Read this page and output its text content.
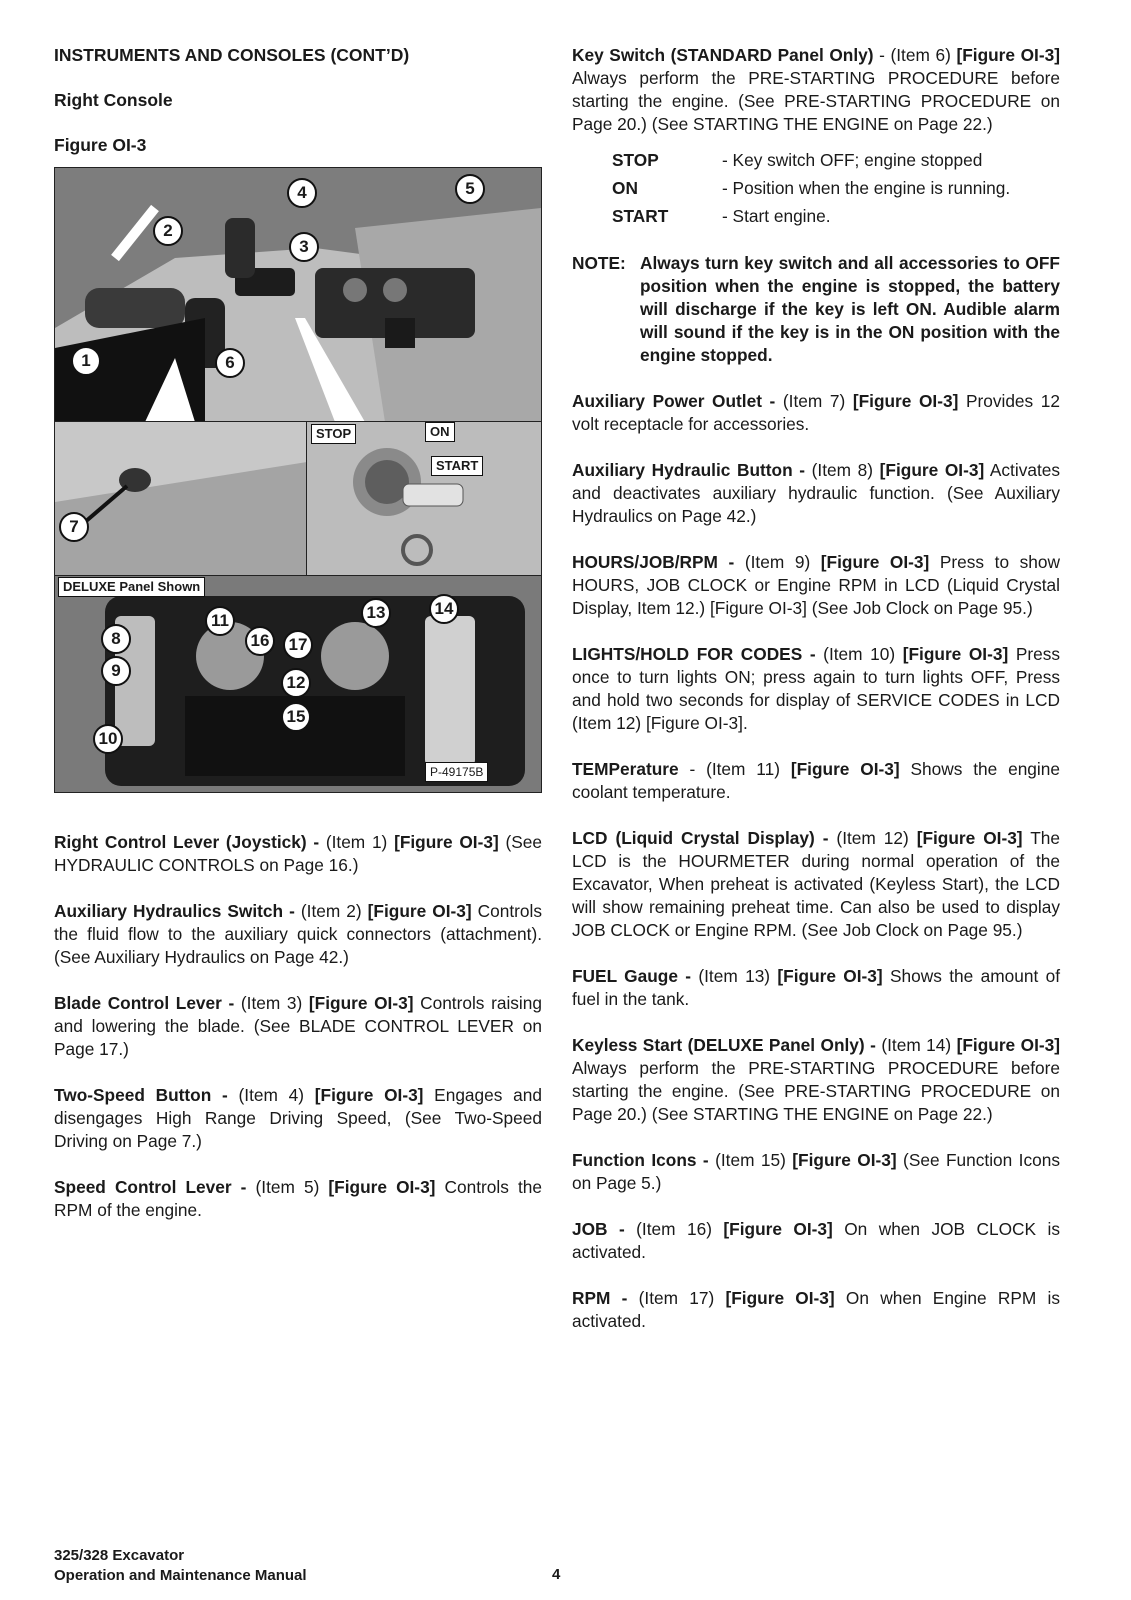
INSTRUMENTS AND CONSOLES (CONT’D)
Right Console
Figure OI-3
1
2
3
4	5
6
7
STOP	ON
START
DELUXE Panel Shown
8
9
10
11
12
13	14
15
16	17
P-49175B

Right Control Lever (Joystick) - (Item 1) [Figure OI-3] (See HYDRAULIC CONTROLS on Page 16.)

Auxiliary Hydraulics Switch - (Item 2) [Figure OI-3] Controls the fluid flow to the auxiliary quick connectors (attachment). (See Auxiliary Hydraulics on Page 42.)

Blade Control Lever - (Item 3) [Figure OI-3] Controls raising and lowering the blade. (See BLADE CONTROL LEVER on Page 17.)

Two-Speed Button - (Item 4) [Figure OI-3] Engages and disengages High Range Driving Speed, (See Two-Speed Driving on Page 7.)

Speed Control Lever - (Item 5) [Figure OI-3] Controls the RPM of the engine.

Key Switch (STANDARD Panel Only) - (Item 6) [Figure OI-3] Always perform the PRE-STARTING PROCEDURE before starting the engine. (See PRE-STARTING PROCEDURE on Page 20.) (See STARTING THE ENGINE on Page 22.)

STOP	- Key switch OFF; engine stopped
ON	- Position when the engine is running.
START	- Start engine.
NOTE: Always turn key switch and all accessories to OFF position when the engine is stopped, the battery will discharge if the key is left ON. Audible alarm will sound if the key is in the ON position with the engine stopped.

Auxiliary Power Outlet - (Item 7) [Figure OI-3] Provides 12 volt receptacle for accessories.

Auxiliary Hydraulic Button - (Item 8) [Figure OI-3] Activates and deactivates auxiliary hydraulic function. (See Auxiliary Hydraulics on Page 42.)

HOURS/JOB/RPM - (Item 9) [Figure OI-3] Press to show HOURS, JOB CLOCK or Engine RPM in LCD (Liquid Crystal Display, Item 12.) [Figure OI-3] (See Job Clock on Page 95.)

LIGHTS/HOLD FOR CODES - (Item 10) [Figure OI-3] Press once to turn lights ON; press again to turn lights OFF, Press and hold two seconds for display of SERVICE CODES in LCD (Item 12) [Figure OI-3].

TEMPerature - (Item 11) [Figure OI-3] Shows the engine coolant temperature.

LCD (Liquid Crystal Display) - (Item 12) [Figure OI-3] The LCD is the HOURMETER during normal operation of the Excavator, When preheat is activated (Keyless Start), the LCD will show remaining preheat time. Can also be used to display JOB CLOCK or Engine RPM. (See Job Clock on Page 95.)

FUEL Gauge - (Item 13) [Figure OI-3] Shows the amount of fuel in the tank.

Keyless Start (DELUXE Panel Only) - (Item 14) [Figure OI-3] Always perform the PRE-STARTING PROCEDURE before starting the engine. (See PRE-STARTING PROCEDURE on Page 20.) (See STARTING THE ENGINE on Page 22.)

Function Icons - (Item 15) [Figure OI-3] (See Function Icons on Page 5.)

JOB - (Item 16) [Figure OI-3] On when JOB CLOCK is activated.

RPM - (Item 17) [Figure OI-3] On when Engine RPM is activated.

325/328 Excavator
Operation and Maintenance Manual	4
